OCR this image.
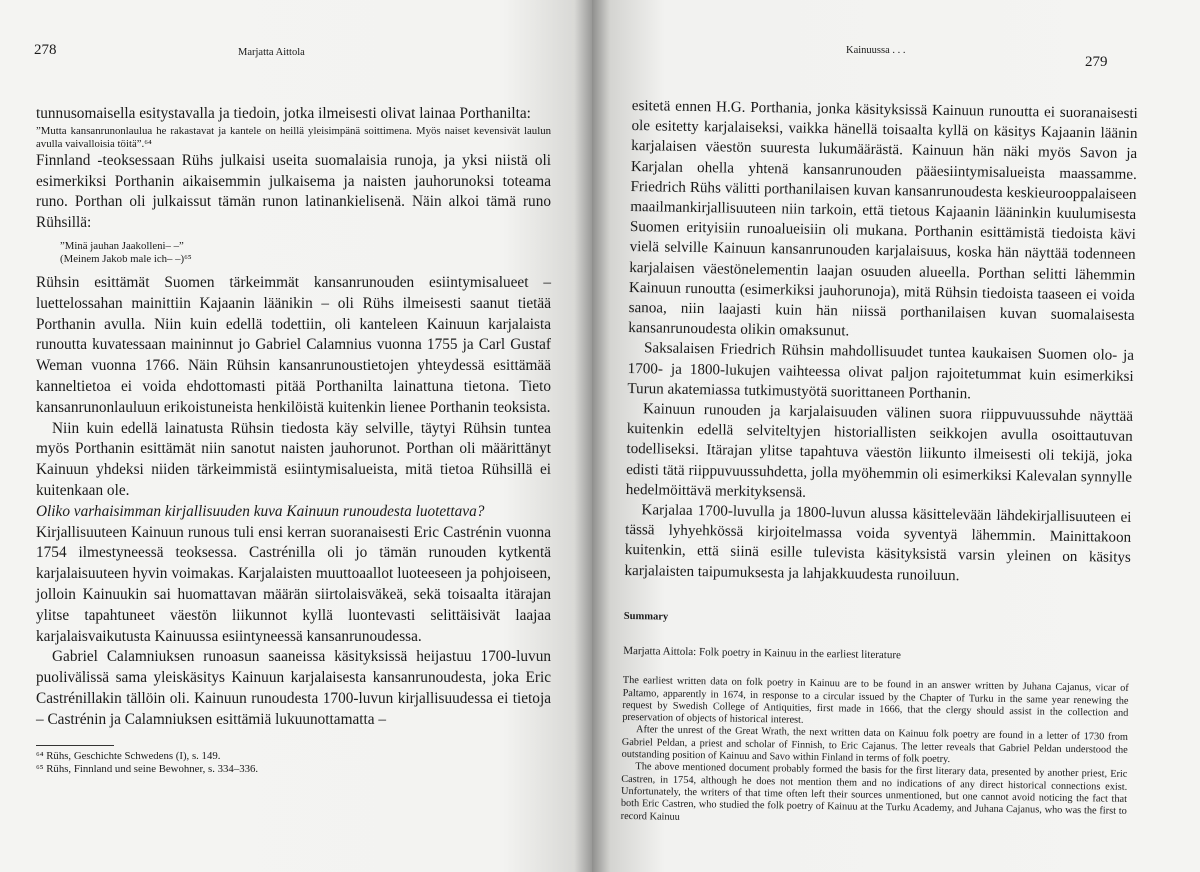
278	Marjatta Aittola

tunnusomaisella esitystavalla ja tiedoin, jotka ilmeisesti olivat lainaa Porthanilta:

”Mutta kansanrunonlaulua he rakastavat ja kantele on heillä yleisimpänä soittimena. Myös naiset kevensivät laulun avulla vaivalloisia töitä”.⁶⁴

Finnland -teoksessaan Rühs julkaisi useita suomalaisia runoja, ja yksi niistä oli esimerkiksi Porthanin aikaisemmin julkaisema ja naisten jauhorunoksi toteama runo. Porthan oli julkaissut tämän runon latinankielisenä. Näin alkoi tämä runo Rühsillä:

”Minä jauhan Jaakolleni– –”
(Meinem Jakob male ich– –)⁶⁵

Rühsin esittämät Suomen tärkeimmät kansanrunouden esiintymisalueet – luettelossahan mainittiin Kajaanin läänikin – oli Rühs ilmeisesti saanut tietää Porthanin avulla. Niin kuin edellä todettiin, oli kanteleen Kainuun karjalaista runoutta kuvatessaan maininnut jo Gabriel Calamnius vuonna 1755 ja Carl Gustaf Weman vuonna 1766. Näin Rühsin kansanrunoustietojen yhteydessä esittämää kanneltietoa ei voida ehdottomasti pitää Porthanilta lainattuna tietona. Tieto kansanrunonlauluun erikoistuneista henkilöistä kuitenkin lienee Porthanin teoksista.

Niin kuin edellä lainatusta Rühsin tiedosta käy selville, täytyi Rühsin tuntea myös Porthanin esittämät niin sanotut naisten jauhorunot. Porthan oli määrittänyt Kainuun yhdeksi niiden tärkeimmistä esiintymisalueista, mitä tietoa Rühsillä ei kuitenkaan ole.

Oliko varhaisimman kirjallisuuden kuva Kainuun runoudesta luotettava?

Kirjallisuuteen Kainuun runous tuli ensi kerran suoranaisesti Eric Castrénin vuonna 1754 ilmestyneessä teoksessa. Castrénilla oli jo tämän runouden kytkentä karjalaisuuteen hyvin voimakas. Karjalaisten muuttoaallot luoteeseen ja pohjoiseen, jolloin Kainuukin sai huomattavan määrän siirtolaisväkeä, sekä toisaalta itärajan ylitse tapahtuneet väestön liikunnot kyllä luontevasti selittäisivät laajaa karjalaisvaikutusta Kainuussa esiintyneessä kansanrunoudessa.

Gabriel Calamniuksen runoasun saaneissa käsityksissä heijastuu 1700-luvun puolivälissä sama yleiskäsitys Kainuun karjalaisesta kansanrunoudesta, joka Eric Castrénillakin tällöin oli. Kainuun runoudesta 1700-luvun kirjallisuudessa ei tietoja – Castrénin ja Calamniuksen esittämiä lukuunottamatta –

⁶⁴ Rühs, Geschichte Schwedens (I), s. 149.
⁶⁵ Rühs, Finnland und seine Bewohner, s. 334–336.
Kainuussa . . .
279

esitetä ennen H.G. Porthania, jonka käsityksissä Kainuun runoutta ei suoranaisesti ole esitetty karjalaiseksi, vaikka hänellä toisaalta kyllä on käsitys Kajaanin läänin karjalaisen väestön suuresta lukumäärästä. Kainuun hän näki myös Savon ja Karjalan ohella yhtenä kansanrunouden pääesiintymisalueista maassamme. Friedrich Rühs välitti porthanilaisen kuvan kansanrunoudesta keskieurooppalaiseen maailmankirjallisuuteen niin tarkoin, että tietous Kajaanin lääninkin kuulumisesta Suomen erityisiin runoalueisiin oli mukana. Porthanin esittämistä tiedoista kävi vielä selville Kainuun kansanrunouden karjalaisuus, koska hän näyttää todenneen karjalaisen väestönelementin laajan osuuden alueella. Porthan selitti lähemmin Kainuun runoutta (esimerkiksi jauhorunoja), mitä Rühsin tiedoista taaseen ei voida sanoa, niin laajasti kuin hän niissä porthanilaisen kuvan suomalaisesta kansanrunoudesta olikin omaksunut.

Saksalaisen Friedrich Rühsin mahdollisuudet tuntea kaukaisen Suomen olo- ja 1700- ja 1800-lukujen vaihteessa olivat paljon rajoitetummat kuin esimerkiksi Turun akatemiassa tutkimustyötä suorittaneen Porthanin.

Kainuun runouden ja karjalaisuuden välinen suora riippuvuussuhde näyttää kuitenkin edellä selviteltyjen historiallisten seikkojen avulla osoittautuvan todelliseksi. Itärajan ylitse tapahtuva väestön liikunto ilmeisesti oli tekijä, joka edisti tätä riippuvuussuhdetta, jolla myöhemmin oli esimerkiksi Kalevalan synnylle hedelmöittävä merkityksensä.

Karjalaa 1700-luvulla ja 1800-luvun alussa käsittelevään lähdekirjallisuuteen ei tässä lyhyehkössä kirjoitelmassa voida syventyä lähemmin. Mainittakoon kuitenkin, että siinä esille tulevista käsityksistä varsin yleinen on käsitys karjalaisten taipumuksesta ja lahjakkuudesta runoiluun.

Summary
Marjatta Aittola: Folk poetry in Kainuu in the earliest literature

The earliest written data on folk poetry in Kainuu are to be found in an answer written by Juhana Cajanus, vicar of Paltamo, apparently in 1674, in response to a circular issued by the Chapter of Turku in the same year renewing the request by Swedish College of Antiquities, first made in 1666, that the clergy should assist in the collection and preservation of objects of historical interest.

After the unrest of the Great Wrath, the next written data on Kainuu folk poetry are found in a letter of 1730 from Gabriel Peldan, a priest and scholar of Finnish, to Eric Cajanus. The letter reveals that Gabriel Peldan understood the outstanding position of Kainuu and Savo within Finland in terms of folk poetry.

The above mentioned document probably formed the basis for the first literary data, presented by another priest, Eric Castren, in 1754, although he does not mention them and no indications of any direct historical connections exist. Unfortunately, the writers of that time often left their sources unmentioned, but one cannot avoid noticing the fact that both Eric Castren, who studied the folk poetry of Kainuu at the Turku Academy, and Juhana Cajanus, who was the first to record Kainuu
